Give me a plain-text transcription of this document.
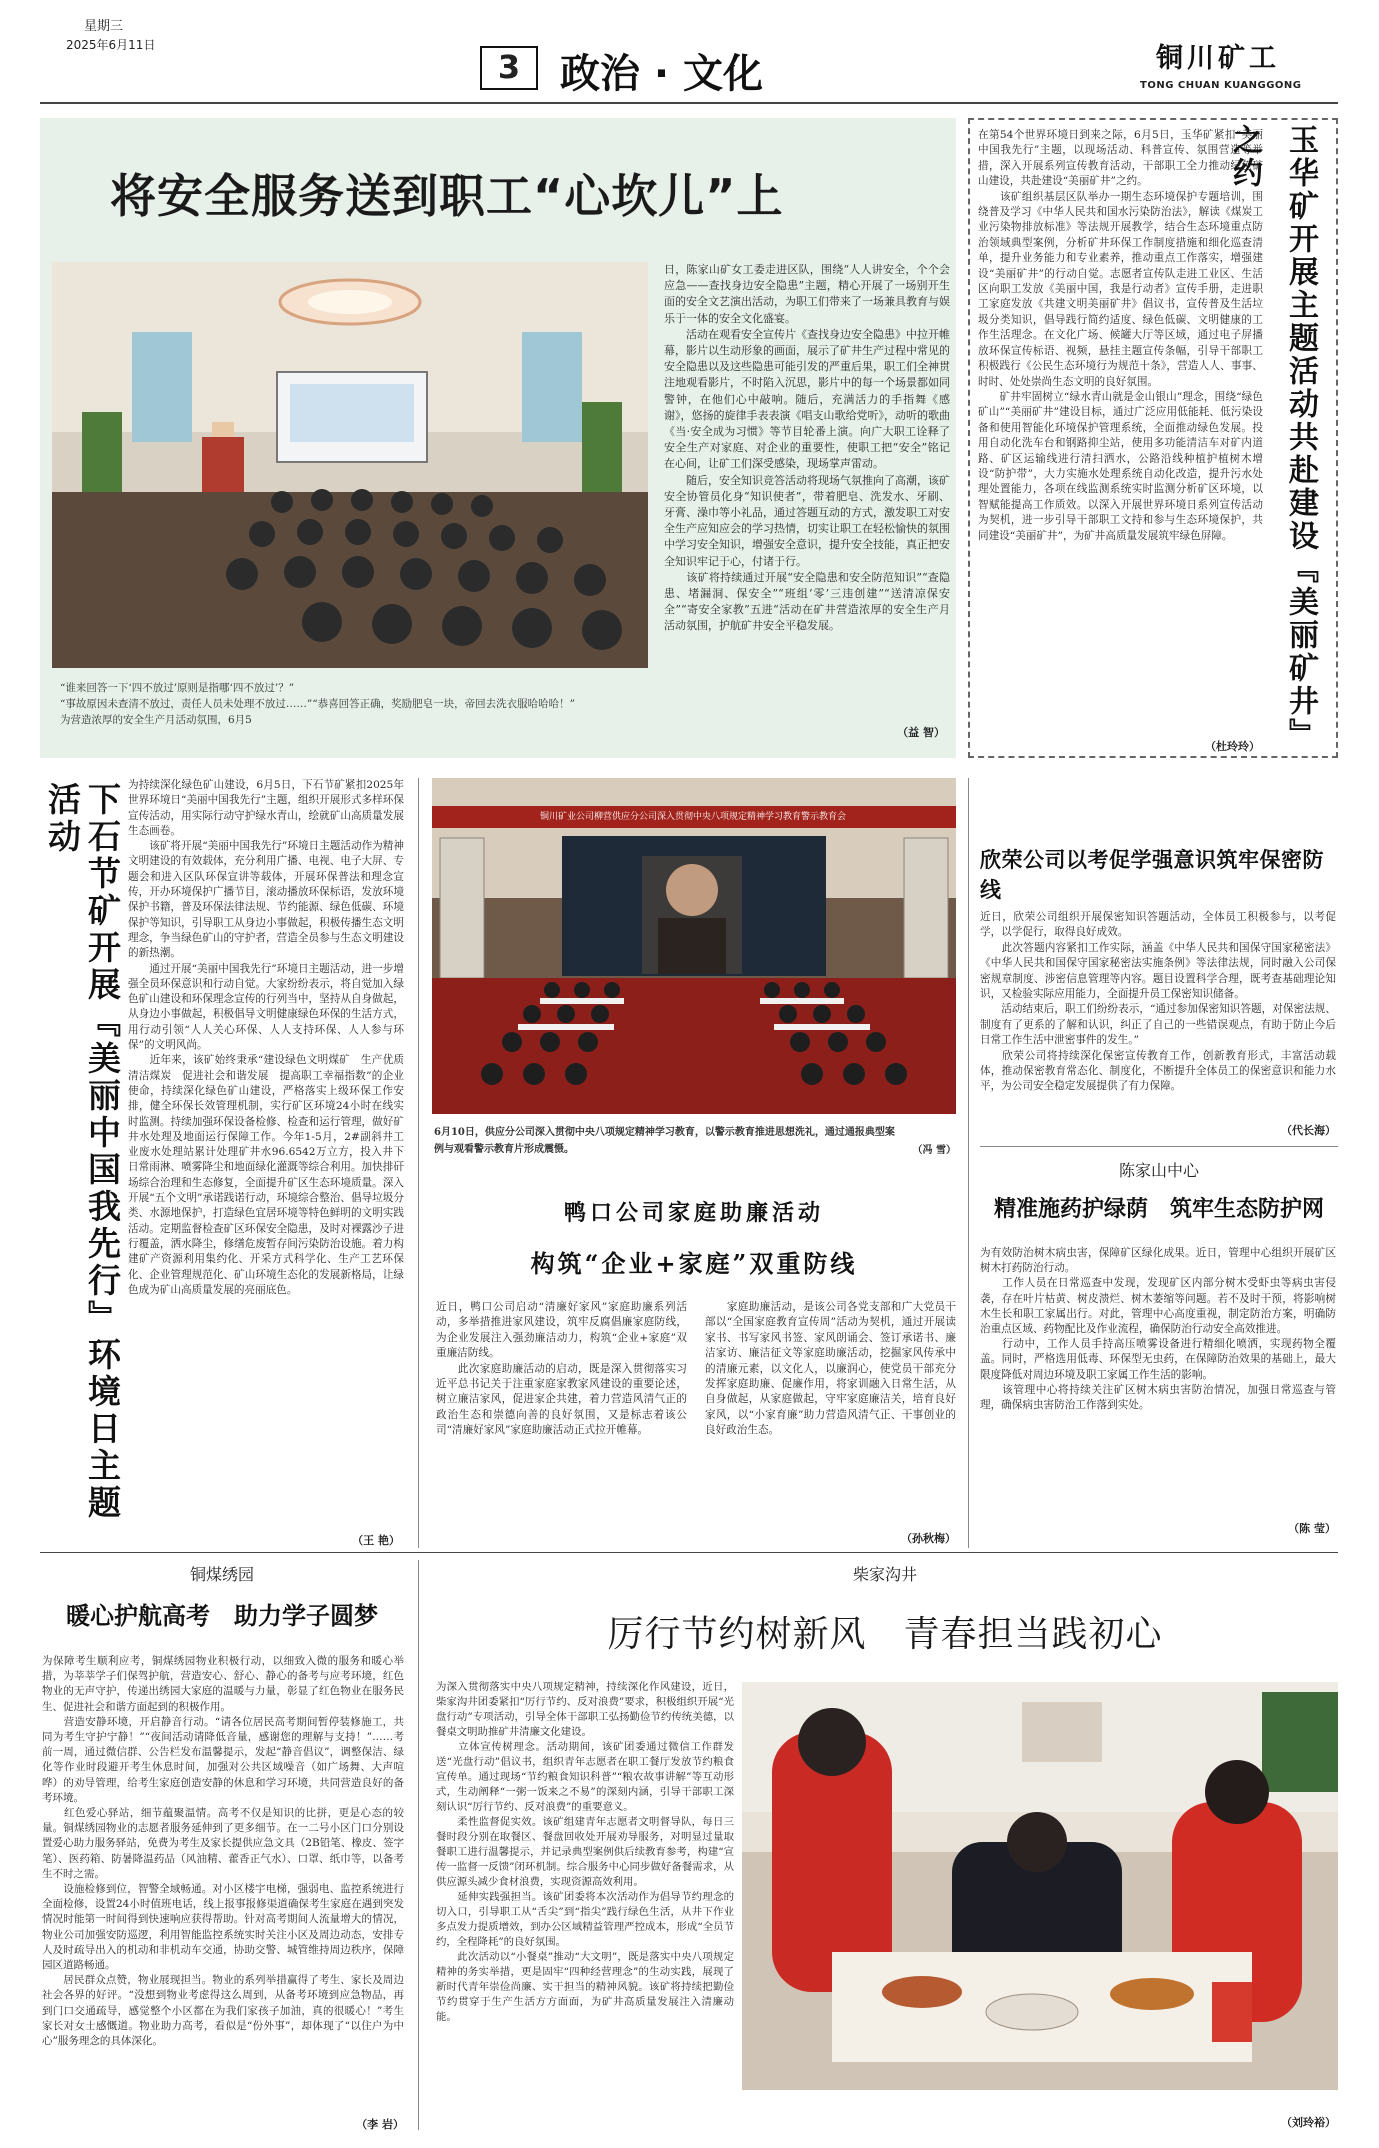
星期三
2025年6月11日
3 政治 · 文化	铜川矿工
TONG CHUAN KUANGGONG
将安全服务送到职工“心坎儿”上
日，陈家山矿女工委走进区队，围绕“人人讲安全，个个会应急——查找身边安全隐患”主题，精心开展了一场别开生面的安全文艺演出活动，为职工们带来了一场兼具教育与娱乐于一体的安全文化盛宴。
　　活动在观看安全宣传片《查找身边安全隐患》中拉开帷幕，影片以生动形象的画面，展示了矿井生产过程中常见的安全隐患以及这些隐患可能引发的严重后果，职工们全神贯注地观看影片，不时陷入沉思，影片中的每一个场景都如同警钟，在他们心中敲响。随后，充满活力的手指舞《感谢》，悠扬的旋律手表表演《唱支山歌给党听》，动听的歌曲《当·安全成为习惯》等节目轮番上演。向广大职工诠释了安全生产对家庭、对企业的重要性，使职工把“安全”铭记在心间，让矿工们深受感染，现场掌声雷动。
　　随后，安全知识竞答活动将现场气氛推向了高潮，该矿安全协管员化身“知识使者”，带着肥皂、洗发水、牙刷、牙膏、澡巾等小礼品，通过答题互动的方式，激发职工对安全生产应知应会的学习热情，切实让职工在轻松愉快的氛围中学习安全知识，增强安全意识，提升安全技能，真正把安全知识牢记于心，付诸于行。
　　该矿将持续通过开展“安全隐患和安全防范知识”“查隐患、堵漏洞、保安全”“班组‘零’三违创建”“送清凉保安全”“寄安全家教”五进“活动在矿井营造浓厚的安全生产月活动氛围，护航矿井安全平稳发展。
“谁来回答一下‘四不放过’原则是指哪‘四不放过’？”
“事故原因未查清不放过，责任人员未处理不放过……”“恭喜回答正确，奖励肥皂一块，帝回去洗衣服哈哈哈！”
为营造浓厚的安全生产月活动氛围，6月5
（益 智）
在第54个世界环境日到来之际，6月5日，玉华矿紧扣“美丽中国我先行”主题，以现场活动、科普宣传、氛围营造等举措，深入开展系列宣传教育活动，干部职工全力推动绿色矿山建设，共赴建设“美丽矿井”之约。
　　该矿组织基层区队举办一期生态环境保护专题培训，围绕普及学习《中华人民共和国水污染防治法》，解读《煤炭工业污染物排放标准》等法规开展教学，结合生态环境重点防治领域典型案例，分析矿井环保工作制度措施和细化巡查清单，提升业务能力和专业素养，推动重点工作落实，增强建设“美丽矿井”的行动自觉。志愿者宣传队走进工业区、生活区向职工发放《美丽中国，我是行动者》宣传手册，走进职工家庭发放《共建文明美丽矿井》倡议书，宣传普及生活垃圾分类知识，倡导践行简约适度、绿色低碳、文明健康的工作生活理念。在文化广场、候罐大厅等区域，通过电子屏播放环保宣传标语、视频，悬挂主题宣传条幅，引导干部职工积极践行《公民生态环境行为规范十条》，营造人人、事事、时时、处处崇尚生态文明的良好氛围。
　　矿井牢固树立“绿水青山就是金山银山”理念，围绕“绿色矿山”“美丽矿井”建设目标，通过广泛应用低能耗、低污染设备和使用智能化环境保护管理系统，全面推动绿色发展。投用自动化洗车台和钢路抑尘站，使用多功能清洁车对矿内道路、矿区运输线进行清扫洒水，公路沿线种植护植树木增设“防护带”，大力实施水处理系统自动化改造，提升污水处理处置能力，各项在线监测系统实时监测分析矿区环境，以智赋能提高工作质效。以深入开展世界环境日系列宣传活动为契机，进一步引导干部职工文持和参与生态环境保护，共同建设“美丽矿井”，为矿井高质量发展筑牢绿色屏障。
（杜玲玲） 玉华矿开展主题活动共赴建设『美丽矿井』之约
下石节矿开展『美丽中国我先行』环境日主题活动	为持续深化绿色矿山建设，6月5日，下石节矿紧扣2025年世界环境日“美丽中国我先行”主题，组织开展形式多样环保宣传活动，用实际行动守护绿水青山，绘就矿山高质量发展生态画卷。
　　该矿将开展“美丽中国我先行”环境日主题活动作为精神文明建设的有效载体，充分利用广播、电视、电子大屏、专题会和进入区队环保宣讲等载体，开展环保普法和理念宣传，开办环境保护广播节目，滚动播放环保标语，发放环境保护书籍，普及环保法律法规、节约能源、绿色低碳、环境保护等知识，引导职工从身边小事做起，积极传播生态文明理念，争当绿色矿山的守护者，营造全员参与生态文明建设的新热潮。
　　通过开展“美丽中国我先行”环境日主题活动，进一步增强全员环保意识和行动自觉。大家纷纷表示，将自觉加入绿色矿山建设和环保理念宣传的行列当中，坚持从自身做起，从身边小事做起，积极倡导文明健康绿色环保的生活方式，用行动引领“人人关心环保、人人支持环保、人人参与环保”的文明风尚。
　　近年来，该矿始终秉承“建设绿色文明煤矿　生产优质清洁煤炭　促进社会和谐发展　提高职工幸福指数”的企业使命，持续深化绿色矿山建设，严格落实上级环保工作安排，健全环保长效管理机制，实行矿区环境24小时在线实时监测。持续加强环保设备检修、检查和运行管理，做好矿井水处理及地面运行保障工作。今年1-5月，2#副斜井工业废水处理站累计处理矿井水96.6542万立方，投入井下日常雨淋、喷雾降尘和地面绿化灌溉等综合利用。加快排矸场综合治理和生态修复，全面提升矿区生态环境质量。深入开展“五个文明”承诺践诺行动，环境综合整治、倡导垃圾分类、水源地保护，打造绿色宜居环境等特色鲜明的文明实践活动。定期监督检查矿区环保安全隐患，及时对裸露沙子进行覆盖，洒水降尘，修缮危废暂存间污染防治设施。着力构建矿产资源利用集约化、开采方式科学化、生产工艺环保化、企业管理规范化、矿山环境生态化的发展新格局，让绿色成为矿山高质量发展的亮丽底色。
（王 艳）
铜川矿业公司柳营供应分公司深入贯彻中央八项规定精神学习教育警示教育会
6月10日，供应分公司深入贯彻中央八项规定精神学习教育，以警示教育推进思想洗礼，通过通报典型案例与观看警示教育片形成震慑。	（冯 雪）
鸭口公司家庭助廉活动
构筑“企业+家庭”双重防线
近日，鸭口公司启动“清廉好家风”家庭助廉系列活动，多举措推进家风建设，筑牢反腐倡廉家庭防线，为企业发展注入强劲廉洁动力，构筑“企业+家庭”双重廉洁防线。
　　此次家庭助廉活动的启动，既是深入贯彻落实习近平总书记关于注重家庭家教家风建设的重要论述，树立廉洁家风，促进家企共建，着力营造风清气正的政治生态和崇德向善的良好氛围，又是标志着该公司“清廉好家风”家庭助廉活动正式拉开帷幕。
　　家庭助廉活动，是该公司各党支部和广大党员干部以“全国家庭教育宣传周”活动为契机，通过开展读家书、书写家风书签、家风朗诵会、签订承诺书、廉洁家访、廉洁征文等家庭助廉活动，挖掘家风传承中的清廉元素，以文化人，以廉润心，使党员干部充分发挥家庭助廉、促廉作用，将家训融入日常生活，从自身做起，从家庭做起，守牢家庭廉洁关，培育良好家风，以“小家育廉”助力营造风清气正、干事创业的良好政治生态。
（孙秋梅）
欣荣公司以考促学强意识筑牢保密防线
近日，欣荣公司组织开展保密知识答题活动，全体员工积极参与，以考促学，以学促行，取得良好成效。
　　此次答题内容紧扣工作实际，涵盖《中华人民共和国保守国家秘密法》《中华人民共和国保守国家秘密法实施条例》等法律法规，同时融入公司保密规章制度、涉密信息管理等内容。题目设置科学合理，既考查基础理论知识，又检验实际应用能力，全面提升员工保密知识储备。
　　活动结束后，职工们纷纷表示，“通过参加保密知识答题，对保密法规、制度有了更系的了解和认识，纠正了自己的一些错误观点，有助于防止今后日常工作生活中泄密事件的发生。”
　　欣荣公司将持续深化保密宣传教育工作，创新教育形式，丰富活动载体，推动保密教育常态化、制度化，不断提升全体员工的保密意识和能力水平，为公司安全稳定发展提供了有力保障。
（代长海）
陈家山中心
精准施药护绿荫　筑牢生态防护网
为有效防治树木病虫害，保障矿区绿化成果。近日，管理中心组织开展矿区树木打药防治行动。
　　工作人员在日常巡查中发现，发现矿区内部分树木受虾虫等病虫害侵袭，存在叶片枯黄、树皮溃烂、树木萎缩等问题。若不及时干预，将影响树木生长和职工家属出行。对此，管理中心高度重视，制定防治方案，明确防治重点区域、药物配比及作业流程，确保防治行动安全高效推进。
　　行动中，工作人员手持高压喷雾设备进行精细化喷洒，实现药物全覆盖。同时，严格选用低毒、环保型无虫药，在保障防治效果的基础上，最大限度降低对周边环境及职工家属工作生活的影响。
　　该管理中心将持续关注矿区树木病虫害防治情况，加强日常巡查与管理，确保病虫害防治工作落到实处。
（陈 莹）
铜煤绣园
暖心护航高考　助力学子圆梦
为保障考生顺利应考，铜煤绣园物业积极行动，以细致入微的服务和暖心举措，为莘莘学子们保驾护航，营造安心、舒心、静心的备考与应考环境，红色物业的无声守护，传递出绣园大家庭的温暖与力量，彰显了红色物业在服务民生、促进社会和谐方面起到的积极作用。
　　营造安静环境，开启静音行动。“请各位居民高考期间暂停装修施工，共同为考生守护宁静！”“夜间活动请降低音量，感谢您的理解与支持！”……考前一周，通过微信群、公告栏发布温馨提示，发起“静音倡议”，调整保洁、绿化等作业时段避开考生休息时间，加强对公共区域噪音（如广场舞、大声喧哗）的劝导管理，给考生家庭创造安静的休息和学习环境，共同营造良好的备考环境。
　　红色爱心驿站，细节蕴聚温情。高考不仅是知识的比拼，更是心态的较量。铜煤绣园物业的志愿者服务延伸到了更多细节。在一二号小区门口分别设置爱心助力服务驿站，免费为考生及家长提供应急文具（2B铅笔、橡皮、签字笔）、医药箱、防暑降温药品（风油精、藿香正气水）、口罩、纸巾等，以备考生不时之需。
　　设施检修到位，智警全域畅通。对小区楼宇电梯，强弱电、监控系统进行全面检修，设置24小时值班电话，线上报事报修渠道确保考生家庭在遇到突发情况时能第一时间得到快速响应获得帮助。针对高考期间人流量增大的情况，物业公司加强安防巡逻，利用智能监控系统实时关注小区及周边动态，安排专人及时疏导出入的机动和非机动车交通，协助交警、城管维持周边秩序，保障园区道路畅通。
　　居民群众点赞，物业展现担当。物业的系列举措赢得了考生、家长及周边社会各界的好评。“没想到物业考虑得这么周到，从备考环境到应急物品，再到门口交通疏导，感觉整个小区都在为我们家孩子加油，真的很暖心！”考生家长对女士感慨道。物业助力高考，看似是“份外事”，却体现了“以住户为中心”服务理念的具体深化。
（李 岩）
柴家沟井
厉行节约树新风　青春担当践初心
为深入贯彻落实中央八项规定精神，持续深化作风建设，近日，柴家沟井团委紧扣“厉行节约、反对浪费”要求，积极组织开展“光盘行动”专项活动，引导全体干部职工弘扬勤俭节约传统美德，以餐桌文明助推矿井清廉文化建设。
　　立体宣传树理念。活动期间，该矿团委通过微信工作群发送“光盘行动”倡议书，组织青年志愿者在职工餐厅发放节约粮食宣传单。通过现场“节约粮食知识科普”“粮农故事讲解”等互动形式，生动阐释“一粥一饭来之不易”的深刻内涵，引导干部职工深刻认识“厉行节约、反对浪费”的重要意义。
　　柔性监督促实效。该矿组建青年志愿者文明督导队，每日三餐时段分别在取餐区、餐盘回收处开展劝导服务，对明显过量取餐职工进行温馨提示，并记录典型案例供后续教育参考，构建“宣传一监督一反馈”闭环机制。综合服务中心同步做好备餐需求，从供应源头减少食材浪费，实现资源高效利用。
　　延伸实践强担当。该矿团委将本次活动作为倡导节约理念的切入口，引导职工从“舌尖”到“指尖”践行绿色生活，从井下作业多点发力提质增效，到办公区域精益管理严控成本，形成“全员节约，全程降耗”的良好氛围。
　　此次活动以“小餐桌”推动“大文明”，既是落实中央八项规定精神的务实举措，更是固牢“四种经营理念”的生动实践，展现了新时代青年崇俭尚廉、实干担当的精神风貌。该矿将持续把勤俭节约贯穿于生产生活方方面面，为矿井高质量发展注入清廉动能。
（刘玲裕）
